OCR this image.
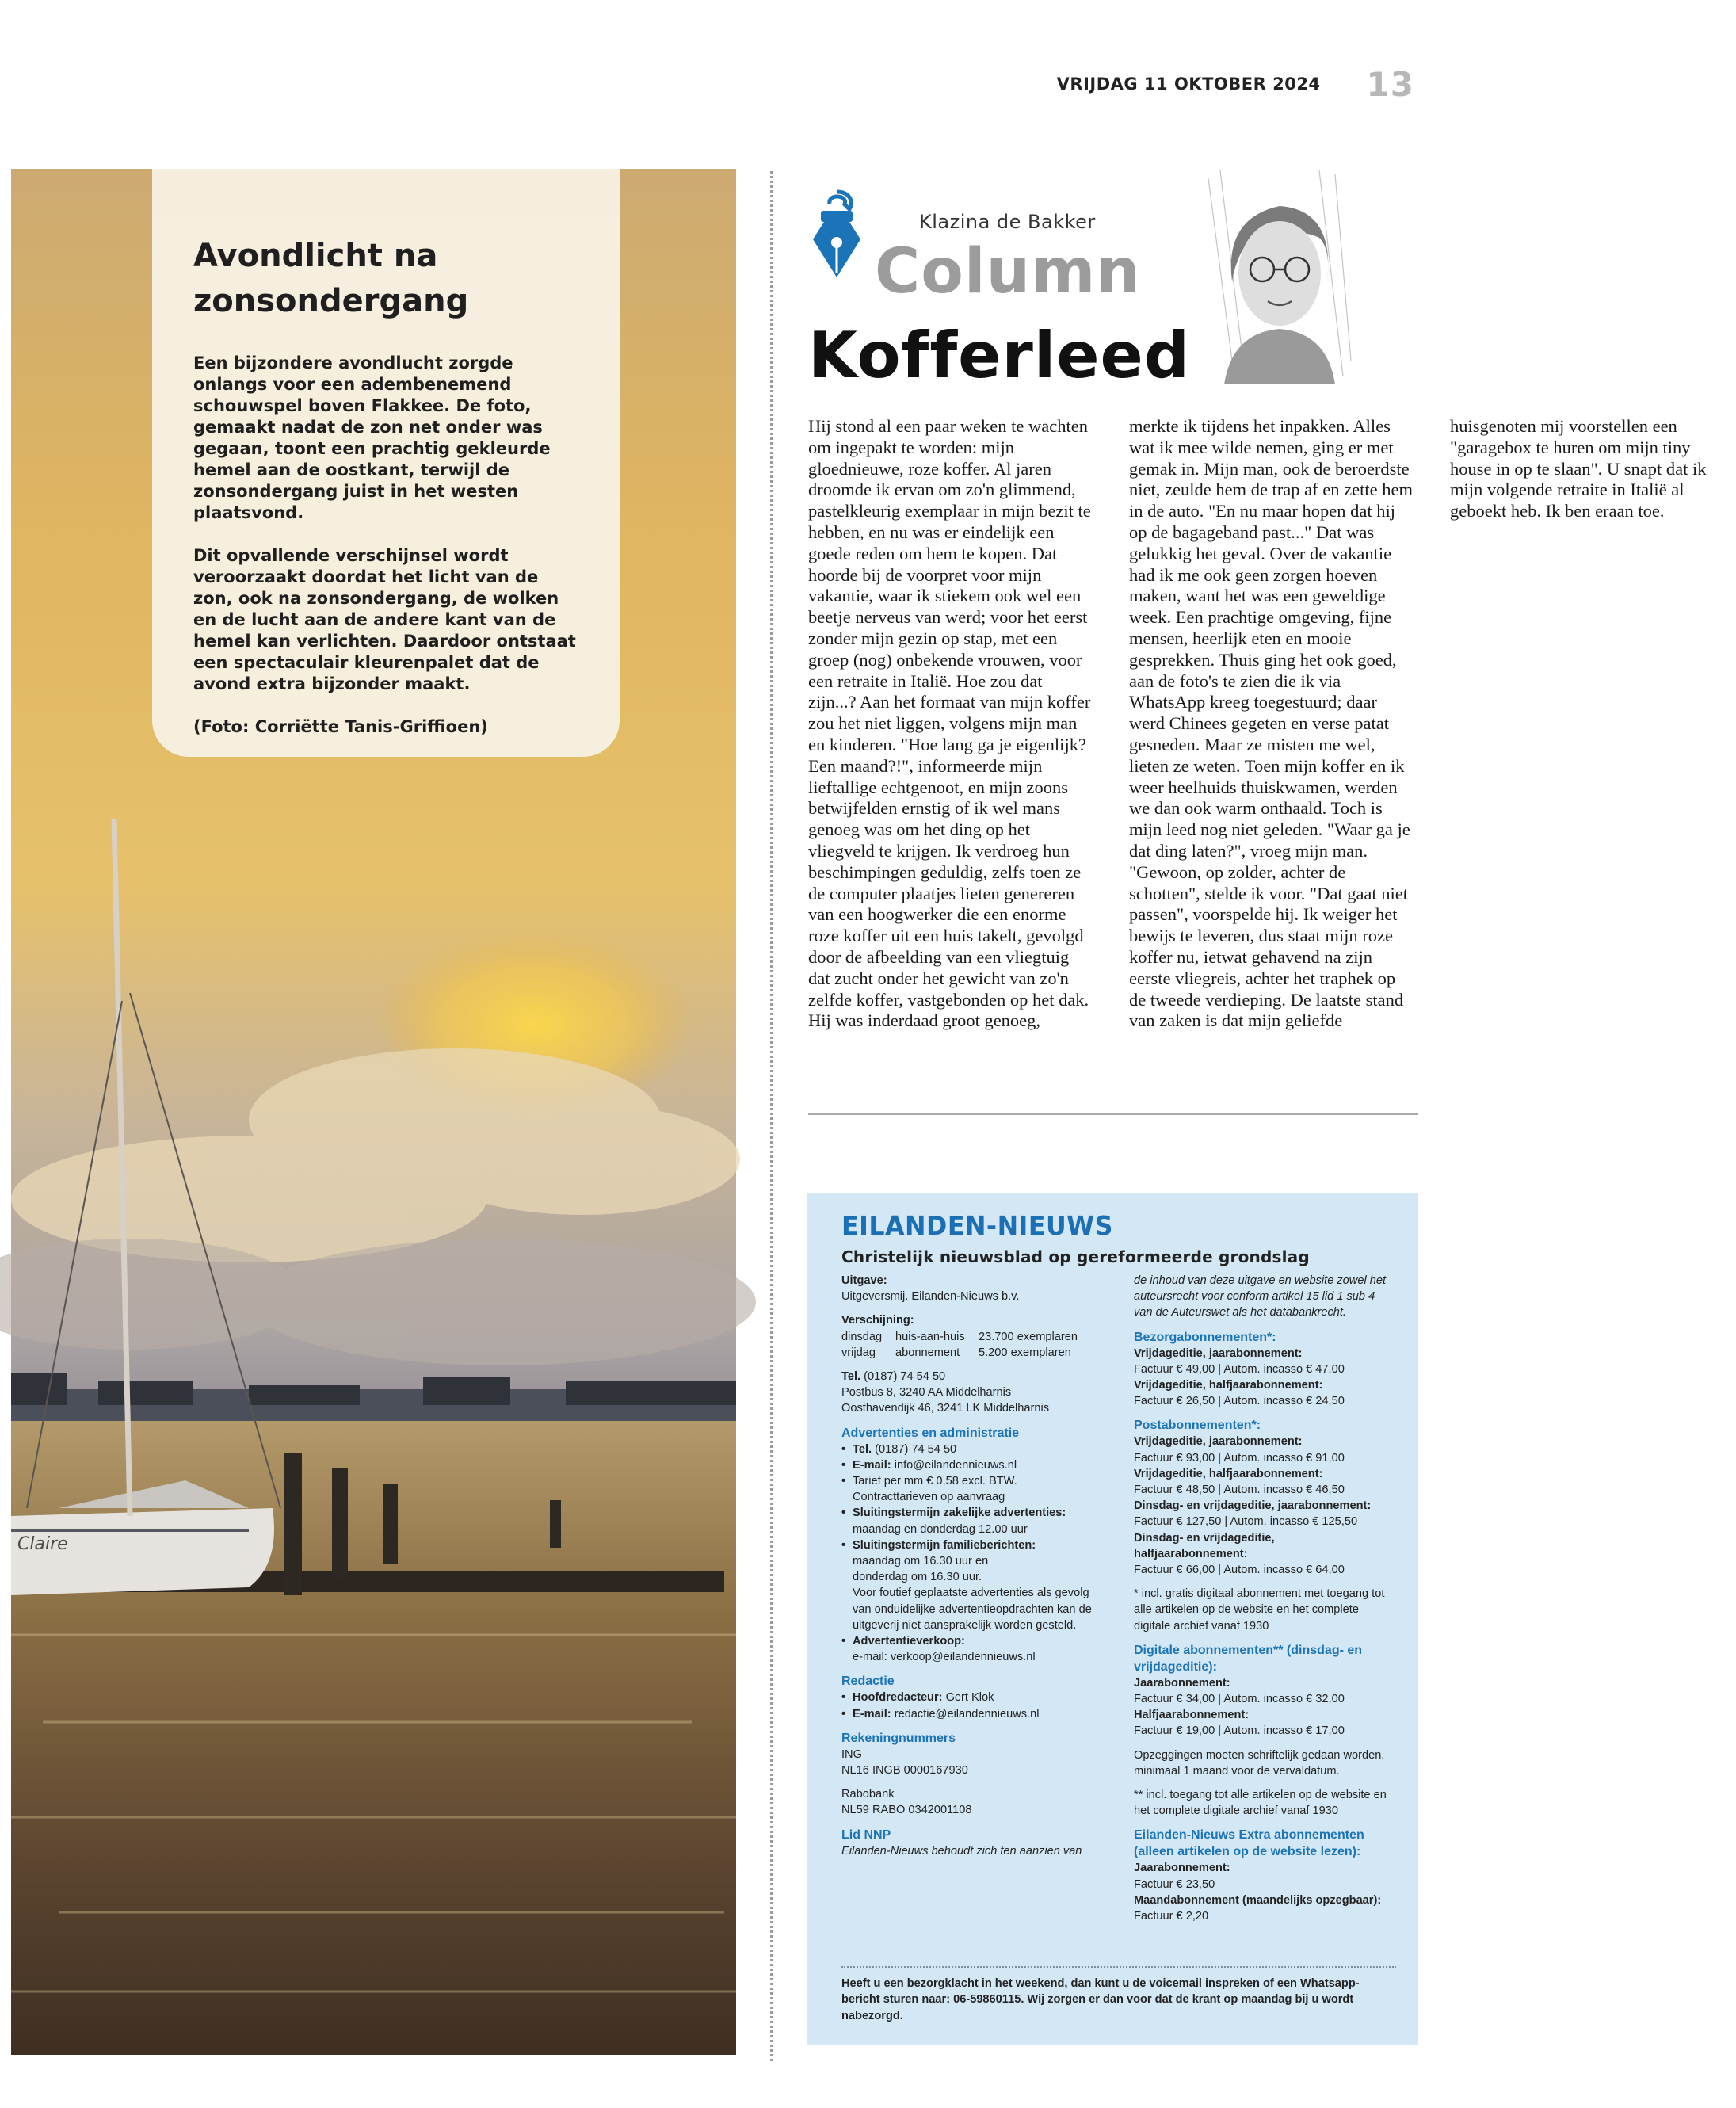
VRIJDAG 11 OKTOBER 2024 13
Claire
Avondlicht na zonsondergang

Een bijzondere avondlucht zorgde onlangs voor een adembenemend schouwspel boven Flakkee. De foto, gemaakt nadat de zon net onder was gegaan, toont een prachtig gekleurde hemel aan de oostkant, terwijl de zonsondergang juist in het westen plaatsvond.

Dit opvallende verschijnsel wordt veroorzaakt doordat het licht van de zon, ook na zonsondergang, de wolken en de lucht aan de andere kant van de hemel kan verlichten. Daardoor ontstaat een spectaculair kleurenpalet dat de avond extra bijzonder maakt.

(Foto: Corriëtte Tanis-Griffioen)

Klazina de Bakker
Column
Kofferleed

Hij stond al een paar weken te wachten om ingepakt te worden: mijn gloednieuwe, roze koffer. Al jaren droomde ik ervan om zo'n glimmend, pastelkleurig exemplaar in mijn bezit te hebben, en nu was er eindelijk een goede reden om hem te kopen. Dat hoorde bij de voorpret voor mijn vakantie, waar ik stiekem ook wel een beetje nerveus van werd; voor het eerst zonder mijn gezin op stap, met een groep (nog) onbekende vrouwen, voor een retraite in Italië. Hoe zou dat zijn...? Aan het formaat van mijn koffer zou het niet liggen, volgens mijn man en kinderen. "Hoe lang ga je eigenlijk? Een maand?!", informeerde mijn lieftallige echtgenoot, en mijn zoons betwijfelden ernstig of ik wel mans genoeg was om het ding op het vliegveld te krijgen. Ik verdroeg hun beschimpingen geduldig, zelfs toen ze de computer plaatjes lieten genereren van een hoogwerker die een enorme roze koffer uit een huis takelt, gevolgd door de afbeelding van een vliegtuig dat zucht onder het gewicht van zo'n zelfde koffer, vastgebonden op het dak. Hij was inderdaad groot genoeg, merkte ik tijdens het inpakken. Alles wat ik mee wilde nemen, ging er met gemak in. Mijn man, ook de beroerdste niet, zeulde hem de trap af en zette hem in de auto. "En nu maar hopen dat hij op de bagageband past..." Dat was gelukkig het geval. Over de vakantie had ik me ook geen zorgen hoeven maken, want het was een geweldige week. Een prachtige omgeving, fijne mensen, heerlijk eten en mooie gesprekken. Thuis ging het ook goed, aan de foto's te zien die ik via WhatsApp kreeg toegestuurd; daar werd Chinees gegeten en verse patat gesneden. Maar ze misten me wel, lieten ze weten. Toen mijn koffer en ik weer heelhuids thuiskwamen, werden we dan ook warm onthaald. Toch is mijn leed nog niet geleden. "Waar ga je dat ding laten?", vroeg mijn man. "Gewoon, op zolder, achter de schotten", stelde ik voor. "Dat gaat niet passen", voorspelde hij. Ik weiger het bewijs te leveren, dus staat mijn roze koffer nu, ietwat gehavend na zijn eerste vliegreis, achter het traphek op de tweede verdieping. De laatste stand van zaken is dat mijn geliefde huisgenoten mij voorstellen een "garagebox te huren om mijn tiny house in op te slaan". U snapt dat ik mijn volgende retraite in Italië al geboekt heb. Ik ben eraan toe.

EILANDEN-NIEUWS
Christelijk nieuwsblad op gereformeerde grondslag
Uitgave:
Uitgeversmij. Eilanden-Nieuws b.v.
Verschijning:
dinsdag	huis-aan-huis	23.700 exemplaren
vrijdag	abonnement	5.200 exemplaren
Tel. (0187) 74 54 50
Postbus 8, 3240 AA Middelharnis
Oosthavendijk 46, 3241 LK Middelharnis
Advertenties en administratie
• Tel. (0187) 74 54 50
• E-mail: info@eilandennieuws.nl
• Tarief per mm € 0,58 excl. BTW.
Contracttarieven op aanvraag
• Sluitingstermijn zakelijke advertenties:
maandag en donderdag 12.00 uur
• Sluitingstermijn familieberichten:
maandag om 16.30 uur en
donderdag om 16.30 uur.
Voor foutief geplaatste advertenties als gevolg van onduidelijke advertentieopdrachten kan de uitgeverij niet aansprakelijk worden gesteld.
• Advertentieverkoop:
e-mail: verkoop@eilandennieuws.nl
Redactie
• Hoofdredacteur: Gert Klok
• E-mail: redactie@eilandennieuws.nl
Rekeningnummers
ING
NL16 INGB 0000167930
Rabobank
NL59 RABO 0342001108
Lid NNP
Eilanden-Nieuws behoudt zich ten aanzien van
de inhoud van deze uitgave en website zowel het auteursrecht voor conform artikel 15 lid 1 sub 4 van de Auteurswet als het databankrecht.
Bezorgabonnementen*:
Vrijdageditie, jaarabonnement:
Factuur € 49,00 | Autom. incasso € 47,00
Vrijdageditie, halfjaarabonnement:
Factuur € 26,50 | Autom. incasso € 24,50
Postabonnementen*:
Vrijdageditie, jaarabonnement:
Factuur € 93,00 | Autom. incasso € 91,00
Vrijdageditie, halfjaarabonnement:
Factuur € 48,50 | Autom. incasso € 46,50
Dinsdag- en vrijdageditie, jaarabonnement:
Factuur € 127,50 | Autom. incasso € 125,50
Dinsdag- en vrijdageditie, halfjaarabonnement:
Factuur € 66,00 | Autom. incasso € 64,00
* incl. gratis digitaal abonnement met toegang tot alle artikelen op de website en het complete digitale archief vanaf 1930
Digitale abonnementen** (dinsdag- en vrijdageditie):
Jaarabonnement:
Factuur € 34,00 | Autom. incasso € 32,00
Halfjaarabonnement:
Factuur € 19,00 | Autom. incasso € 17,00
Opzeggingen moeten schriftelijk gedaan worden, minimaal 1 maand voor de vervaldatum.
** incl. toegang tot alle artikelen op de website en het complete digitale archief vanaf 1930
Eilanden-Nieuws Extra abonnementen (alleen artikelen op de website lezen):
Jaarabonnement:
Factuur € 23,50
Maandabonnement (maandelijks opzegbaar):
Factuur € 2,20
Heeft u een bezorgklacht in het weekend, dan kunt u de voicemail inspreken of een Whatsapp-bericht sturen naar: 06-59860115. Wij zorgen er dan voor dat de krant op maandag bij u wordt nabezorgd.
